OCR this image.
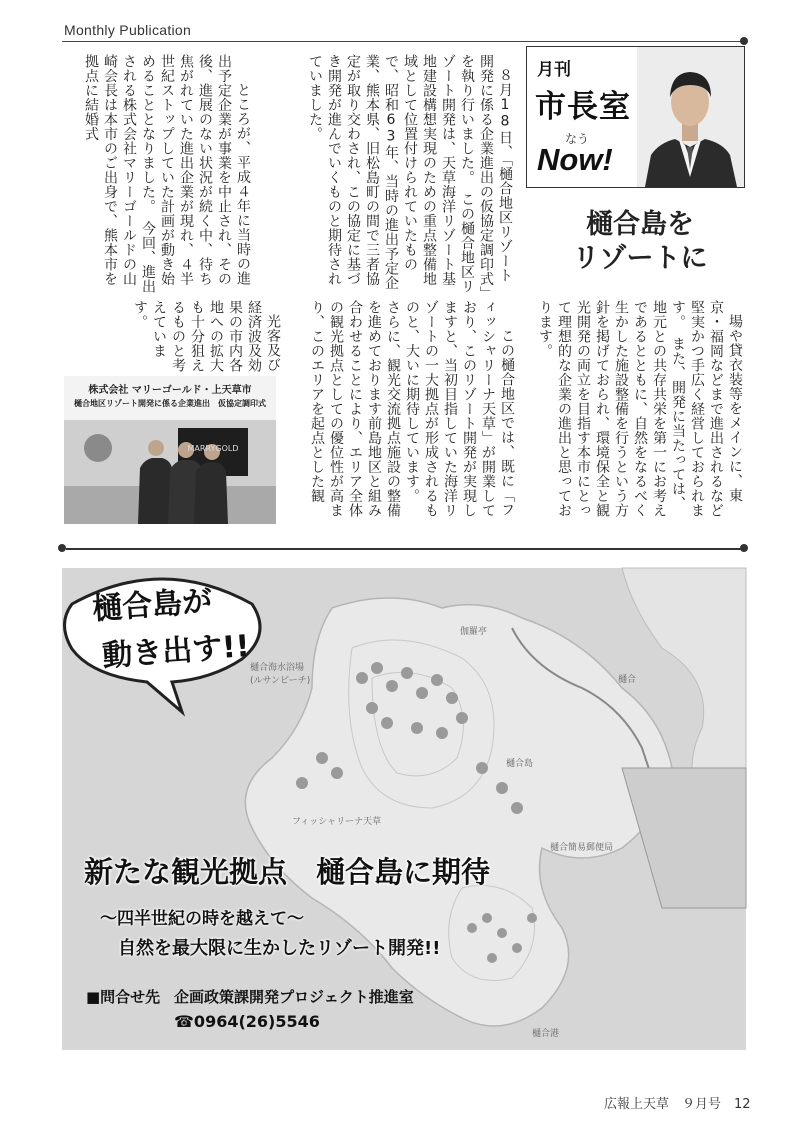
Monthly Publication
月刊
市長室
なう
Now!
樋合島を
リゾートに

８月18日、「樋合地区リゾート開発に係る企業進出の仮協定調印式」を執り行いました。　この樋合地区リゾート開発は、天草海洋リゾート基地建設構想実現のための重点整備地域として位置付けられていたもので、昭和63年、当時の進出予定企業、熊本県、旧松島町の間で三者協定が取り交わされ、この協定に基づき開発が進んでいくものと期待されていました。

　ところが、平成４年に当時の進出予定企業が事業を中止され、その後、進展のない状況が続く中、待ち焦がれていた進出企業が現れ、４半世紀ストップしていた計画が動き始めることとなりました。　今回、進出される株式会社マリーゴールドの山崎会長は本市のご出身で、熊本市を拠点に結婚式

場や貸衣装等をメインに、東京・福岡などまで進出されるなど堅実かつ手広く経営しておられます。　また、開発に当たっては、地元との共存共栄を第一にお考えであるとともに、自然をなるべく生かした施設整備を行うという方針を掲げておられ、環境保全と観光開発の両立を目指す本市にとって理想的な企業の進出と思っております。

　この樋合地区では、既に「フィッシャリーナ天草」が開業しており、このリゾート開発が実現しますと、当初目指していた海洋リゾートの一大拠点が形成されるものと、大いに期待しています。　さらに、観光交流拠点施設の整備を進めております前島地区と組み合わせることにより、エリア全体の観光拠点としての優位性が高まり、このエリアを起点とした観

光客及び経済波及効果の市内各地への拡大も十分狙えるものと考えています。

株式会社 マリーゴールド・上天草市
樋合地区リゾート開発に係る企業進出　仮協定調印式
MARRYGOLD
伽羅亭
樋合海水浴場
(ルサンビーチ)	樋合
樋合島
フィッシャリーナ天草
樋合簡易郵便局
樋合港
樋合島が
動き出す!!
新たな観光拠点　樋合島に期待
～四半世紀の時を越えて～
自然を最大限に生かしたリゾート開発!!
■問合せ先 企画政策課開発プロジェクト推進室
☎0964(26)5546
広報上天草　９月号　12
